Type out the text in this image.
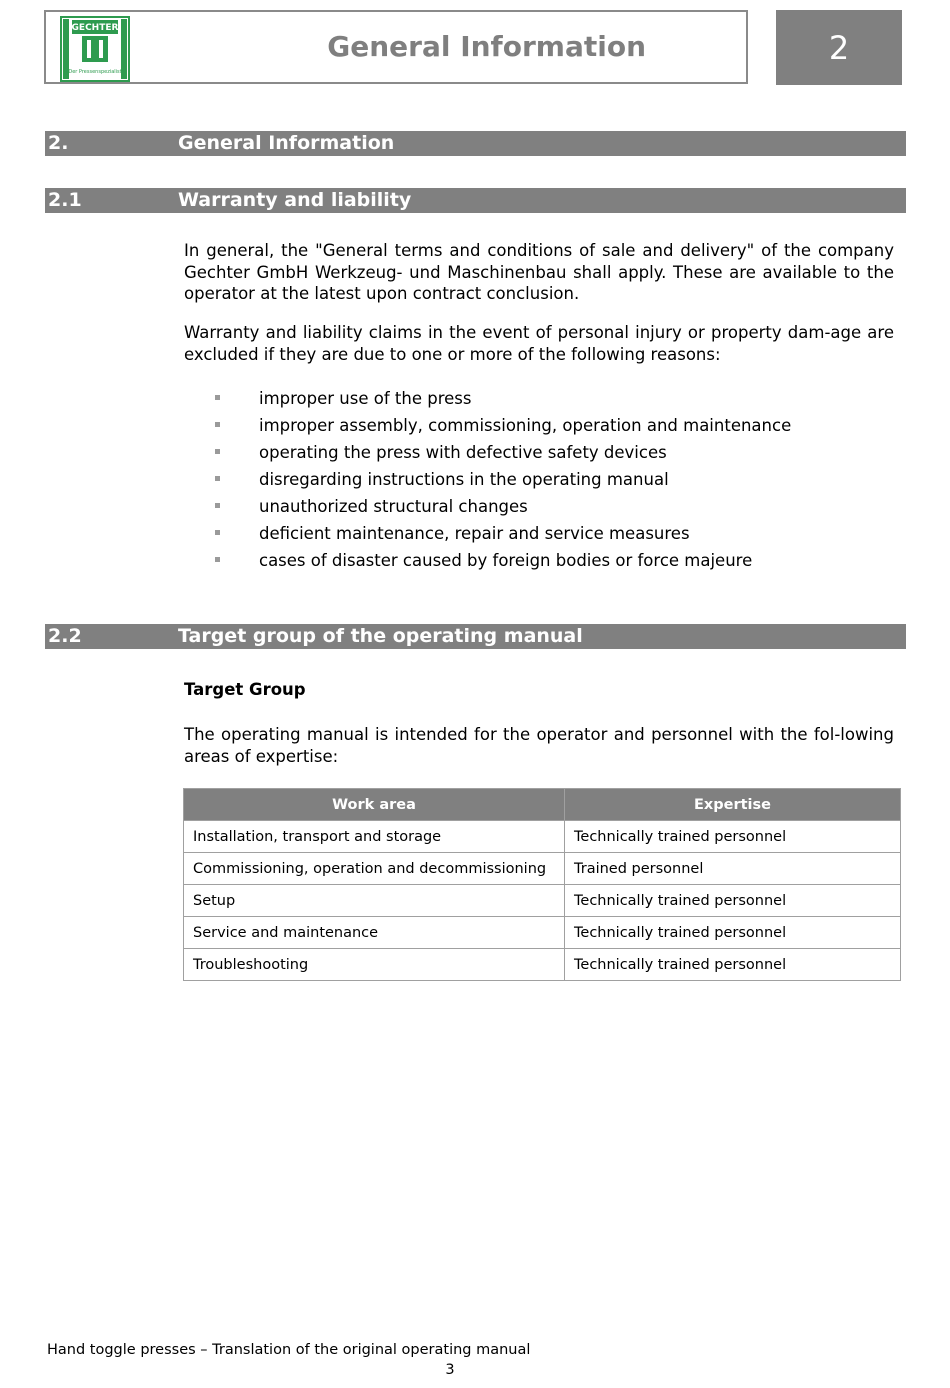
GECHTER
Der Pressenspezialist
General Information	2
2.	General Information
2.1	Warranty and liability
In general, the "General terms and conditions of sale and delivery" of the company Gechter GmbH Werkzeug- und Maschinenbau shall apply. These are available to the operator at the latest upon contract conclusion.
Warranty and liability claims in the event of personal injury or property dam-age are excluded if they are due to one or more of the following reasons:
improper use of the press
improper assembly, commissioning, operation and maintenance
operating the press with defective safety devices
disregarding instructions in the operating manual
unauthorized structural changes
deficient maintenance, repair and service measures
cases of disaster caused by foreign bodies or force majeure
2.2	Target group of the operating manual
Target Group
The operating manual is intended for the operator and personnel with the fol-lowing areas of expertise:
Work area	Expertise
Installation, transport and storage	Technically trained personnel
Commissioning, operation and decommissioning	Trained personnel
Setup	Technically trained personnel
Service and maintenance	Technically trained personnel
Troubleshooting	Technically trained personnel
Hand toggle presses – Translation of the original operating manual
3
